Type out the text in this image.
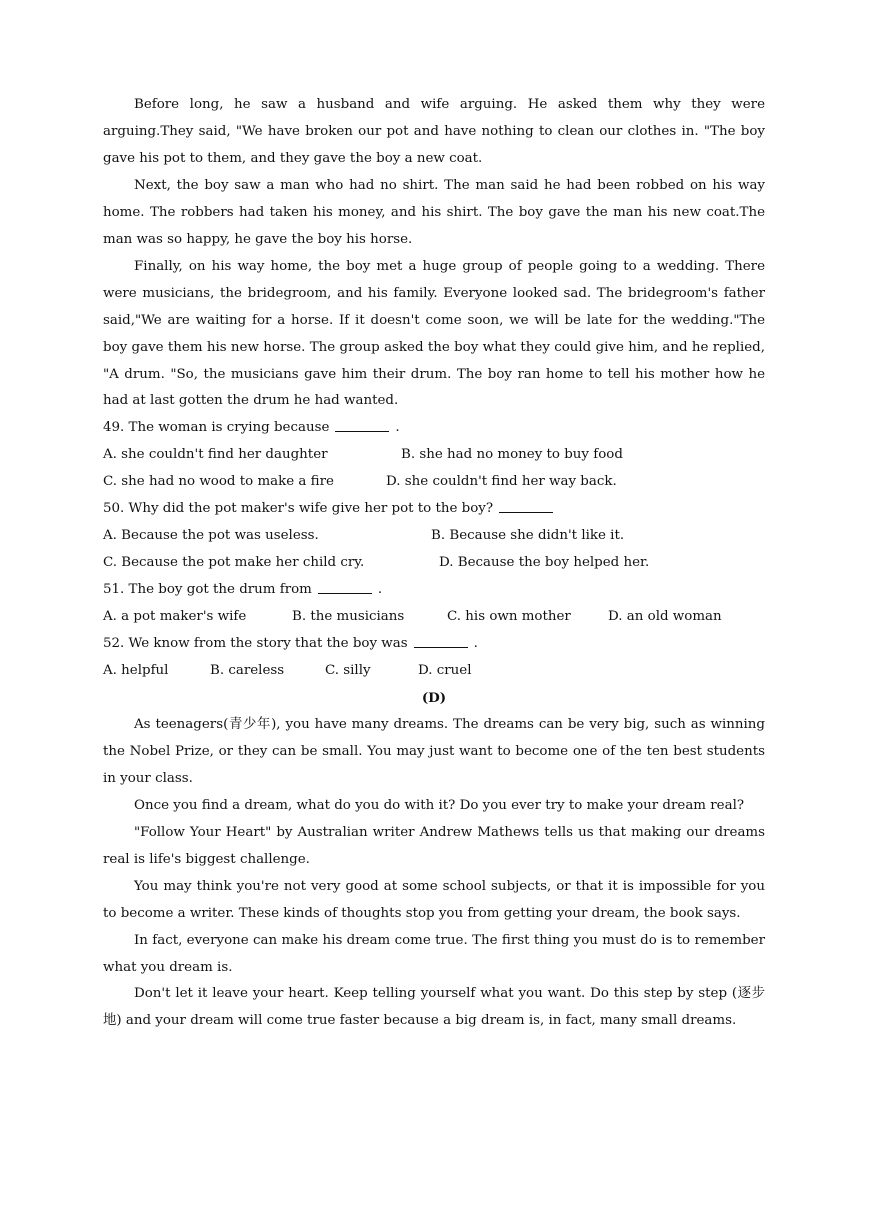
Before long, he saw a husband and wife arguing. He asked them why they were arguing.They said, "We have broken our pot and have nothing to clean our clothes in. "The boy gave his pot to them, and they gave the boy a new coat.

Next, the boy saw a man who had no shirt. The man said he had been robbed on his way home. The robbers had taken his money, and his shirt. The boy gave the man his new coat.The man was so happy, he gave the boy his horse.

Finally, on his way home, the boy met a huge group of people going to a wedding. There were musicians, the bridegroom, and his family. Everyone looked sad. The bridegroom's father said,"We are waiting for a horse. If it doesn't come soon, we will be late for the wedding."The boy gave them his new horse. The group asked the boy what they could give him, and he replied, "A drum. "So, the musicians gave him their drum. The boy ran home to tell his mother how he had at last gotten the drum he had wanted.

49. The woman is crying because	.

A. she couldn't find her daughter	B. she had no money to buy food

C. she had no wood to make a fire	D. she couldn't find her way back.

50. Why did the pot maker's wife give her pot to the boy?

A. Because the pot was useless.	B. Because she didn't like it.

C. Because the pot make her child cry.	D. Because the boy helped her.

51. The boy got the drum from	.

A. a pot maker's wife	B. the musicians	C. his own mother	D. an old woman

52. We know from the story that the boy was	.

A. helpful	B. careless	C. silly	D. cruel

(D)

As teenagers(青少年), you have many dreams. The dreams can be very big, such as winning the Nobel Prize, or they can be small. You may just want to become one of the ten best students in your class.

Once you find a dream, what do you do with it? Do you ever try to make your dream real?

"Follow Your Heart" by Australian writer Andrew Mathews tells us that making our dreams real is life's biggest challenge.

You may think you're not very good at some school subjects, or that it is impossible for you to become a writer. These kinds of thoughts stop you from getting your dream, the book says.

In fact, everyone can make his dream come true. The first thing you must do is to remember what you dream is.

Don't let it leave your heart. Keep telling yourself what you want. Do this step by step (逐步地) and your dream will come true faster because a big dream is, in fact, many small dreams.
